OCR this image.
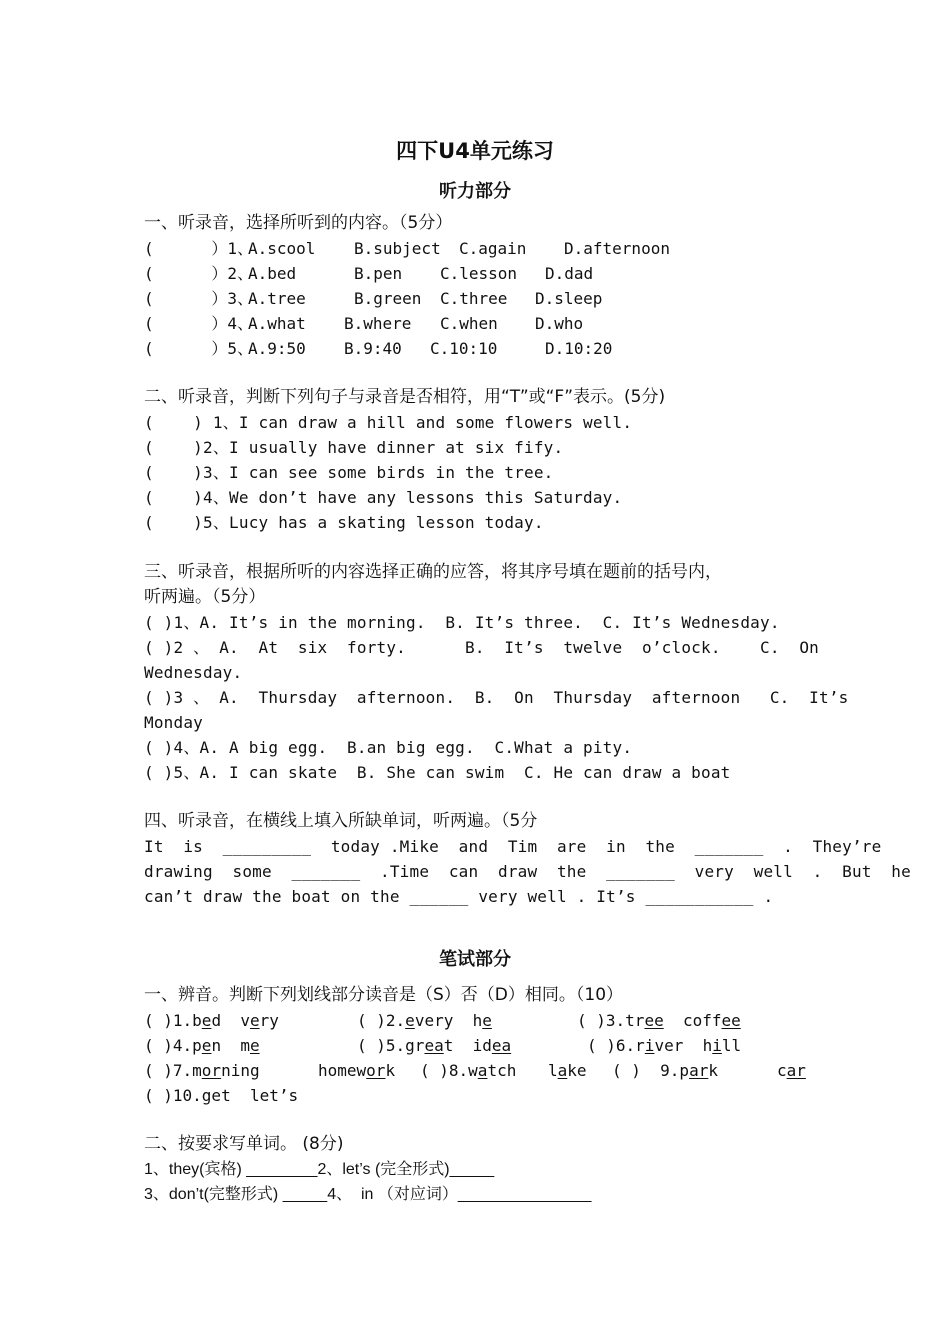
四下U4单元练习
听力部分
一、听录音，选择所听到的内容。（5分）
(      ）1、
A.scool B.subject C.again D.afternoon
(      ）2、
A.bed	B.pen C.lesson D.dad
(      ）3、
A.tree	B.green C.three D.sleep
(      ）4、
A.what B.where C.when D.who
(      ）5、
A.9:50 B.9:40 C.10:10	D.10:20
二、听录音，判断下列句子与录音是否相符，用“T”或“F”表示。(5分)
(    ) 1、I can draw a hill and some flowers well.
(    )2、I usually have dinner at six fify.
(    )3、I can see some birds in the tree.
(    )4、We don’t have any lessons this Saturday.
(    )5、Lucy has a skating lesson today.
三、听录音，根据所听的内容选择正确的应答，将其序号填在题前的括号内，
听两遍。（5分）
( )1、A. It’s in the morning.  B. It’s three.  C. It’s Wednesday.
( )2 、 A.  At  six  forty.      B.  It’s  twelve  o’clock.    C.  On
Wednesday.
( )3 、 A.  Thursday  afternoon.  B.  On  Thursday  afternoon   C.  It’s
Monday
( )4、A. A big egg.  B.an big egg.  C.What a pity.
( )5、A. I can skate  B. She can swim  C. He can draw a boat
四、听录音，在横线上填入所缺单词，听两遍。（5分
It  is  _________  today .Mike  and  Tim  are  in  the  _______  .  They’re
drawing  some  _______  .Time  can  draw  the  _______  very  well  .  But  he
can’t draw the boat on the ______ very well . It’s ___________ .
笔试部分
一、辨音。判断下列划线部分读音是（S）否（D）相同。（10）
( )1.bed  very	( )2.every  he	( )3.tree  coffee
( )4.pen  me	( )5.great  idea	( )6.river  hill
( )7.morning	homework ( )8.watch lake ( )  9.park	car
( )10.get  let’s
二、按要求写单词。 (8分)
1、they(宾格) ________2、let’s (完全形式)_____
3、don’t(完整形式) _____4、  in （对应词）_______________
